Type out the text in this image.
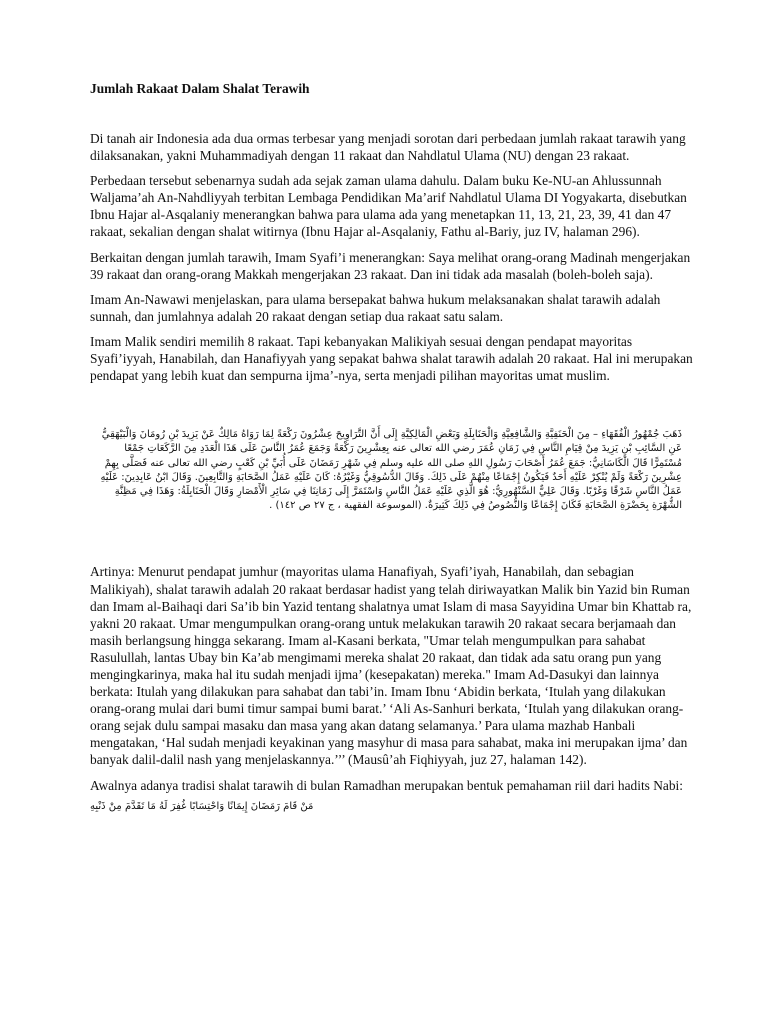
Jumlah Rakaat Dalam Shalat Terawih

Di tanah air Indonesia ada dua ormas terbesar yang menjadi sorotan dari perbedaan jumlah rakaat tarawih yang dilaksanakan, yakni Muhammadiyah dengan 11 rakaat dan Nahdlatul Ulama (NU) dengan 23 rakaat.

Perbedaan tersebut sebenarnya sudah ada sejak zaman ulama dahulu. Dalam buku Ke-NU-an Ahlussunnah Waljama’ah An-Nahdliyyah terbitan Lembaga Pendidikan Ma’arif Nahdlatul Ulama DI Yogyakarta, disebutkan Ibnu Hajar al-Asqalaniy menerangkan bahwa para ulama ada yang menetapkan 11, 13, 21, 23, 39, 41 dan 47 rakaat, sekalian dengan shalat witirnya (Ibnu Hajar al-Asqalaniy, Fathu al-Bariy, juz IV, halaman 296).

Berkaitan dengan jumlah tarawih, Imam Syafi’i menerangkan: Saya melihat orang-orang Madinah mengerjakan 39 rakaat dan orang-orang Makkah mengerjakan 23 rakaat. Dan ini tidak ada masalah (boleh-boleh saja).

Imam An-Nawawi menjelaskan, para ulama bersepakat bahwa hukum melaksanakan shalat tarawih adalah sunnah, dan jumlahnya adalah 20 rakaat dengan setiap dua rakaat satu salam.

Imam Malik sendiri memilih 8 rakaat. Tapi kebanyakan Malikiyah sesuai dengan pendapat mayoritas Syafi’iyyah, Hanabilah, dan Hanafiyyah yang sepakat bahwa shalat tarawih adalah 20 rakaat. Hal ini merupakan pendapat yang lebih kuat dan sempurna ijma’-nya, serta menjadi pilihan mayoritas umat muslim.

ذَهَبَ جُمْهُورُ الْفُقَهَاءِ – مِنَ الْحَنَفِيَّةِ وَالشَّافِعِيَّةِ وَالْحَنَابِلَةِ وَبَعْضِ الْمَالِكِيَّةِ إِلَى أَنَّ التَّرَاوِيحَ عِشْرُونَ رَكْعَةً لِمَا رَوَاهُ مَالِكٌ عَنْ يَزِيدَ بْنِ رُومَانَ وَالْبَيْهَقِيُّ عَنِ السَّائِبِ بْنِ يَزِيدَ مِنْ قِيَامِ النَّاسِ فِي زَمَانِ عُمَرَ رضي الله تعالى عنه بِعِشْرِينَ رَكْعَةً وَجَمَعَ عُمَرُ النَّاسَ عَلَى هَذَا الْعَدَدِ مِنَ الرَّكَعَاتِ جَمْعًا مُسْتَمِرًّا قَالَ الْكَاسَانِيُّ: جَمَعَ عُمَرُ أَصْحَابَ رَسُولِ اللهِ صلى الله عليه وسلم فِي شَهْرِ رَمَضَانَ عَلَى أُبَيِّ بْنِ كَعْبٍ رضي الله تعالى عنه فَصَلَّى بِهِمْ عِشْرِينَ رَكْعَةً وَلَمْ يُنْكِرْ عَلَيْهِ أَحَدٌ فَيَكُونُ إِجْمَاعًا مِنْهُمْ عَلَى ذَلِكَ. وَقَالَ الدُّسُوقِيُّ وَغَيْرُهُ: كَانَ عَلَيْهِ عَمَلُ الصَّحَابَةِ وَالتَّابِعِينَ. وَقَالَ ابْنُ عَابِدِينَ: عَلَيْهِ عَمَلُ النَّاسِ شَرْقًا وَغَرْبًا. وَقَالَ عَلِيٌّ السَّنْهُورِيُّ: هُوَ الَّذِي عَلَيْهِ عَمَلُ النَّاسِ وَاسْتَمَرَّ إِلَى زَمَانِنَا فِي سَائِرِ الْأَمْصَارِ وَقَالَ الْحَنَابِلَةُ: وَهَذَا فِي مَظِنَّةِ الشُّهْرَةِ بِحَضْرَةِ الصَّحَابَةِ فَكَانَ إِجْمَاعًا وَالنُّصُوصُ فِي ذَلِكَ كَثِيرَةٌ. (الموسوعة الفقهية ، ج ٢٧ ص ١٤٢) .

Artinya: Menurut pendapat jumhur (mayoritas ulama Hanafiyah, Syafi’iyah, Hanabilah, dan sebagian Malikiyah), shalat tarawih adalah 20 rakaat berdasar hadist yang telah diriwayatkan Malik bin Yazid bin Ruman dan Imam al-Baihaqi dari Sa’ib bin Yazid tentang shalatnya umat Islam di masa Sayyidina Umar bin Khattab ra, yakni 20 rakaat. Umar mengumpulkan orang-orang untuk melakukan tarawih 20 rakaat secara berjamaah dan masih berlangsung hingga sekarang. Imam al-Kasani berkata, "Umar telah mengumpulkan para sahabat Rasulullah, lantas Ubay bin Ka’ab mengimami mereka shalat 20 rakaat, dan tidak ada satu orang pun yang mengingkarinya, maka hal itu sudah menjadi ijma’ (kesepakatan) mereka." Imam Ad-Dasukyi dan lainnya berkata: Itulah yang dilakukan para sahabat dan tabi’in. Imam Ibnu ‘Abidin berkata, ‘Itulah yang dilakukan orang-orang mulai dari bumi timur sampai bumi barat.’ ‘Ali As-Sanhuri berkata, ‘Itulah yang dilakukan orang-orang sejak dulu sampai masaku dan masa yang akan datang selamanya.’ Para ulama mazhab Hanbali mengatakan, ‘Hal sudah menjadi keyakinan yang masyhur di masa para sahabat, maka ini merupakan ijma’ dan banyak dalil-dalil nash yang menjelaskannya.’’’ (Mausû’ah Fiqhiyyah, juz 27, halaman 142).

Awalnya adanya tradisi shalat tarawih di bulan Ramadhan merupakan bentuk pemahaman riil dari hadits Nabi:

مَنْ قَامَ رَمَضَانَ إِيمَانًا وَاحْتِسَابًا غُفِرَ لَهُ مَا تَقَدَّمَ مِنْ ذَنْبِهِ
